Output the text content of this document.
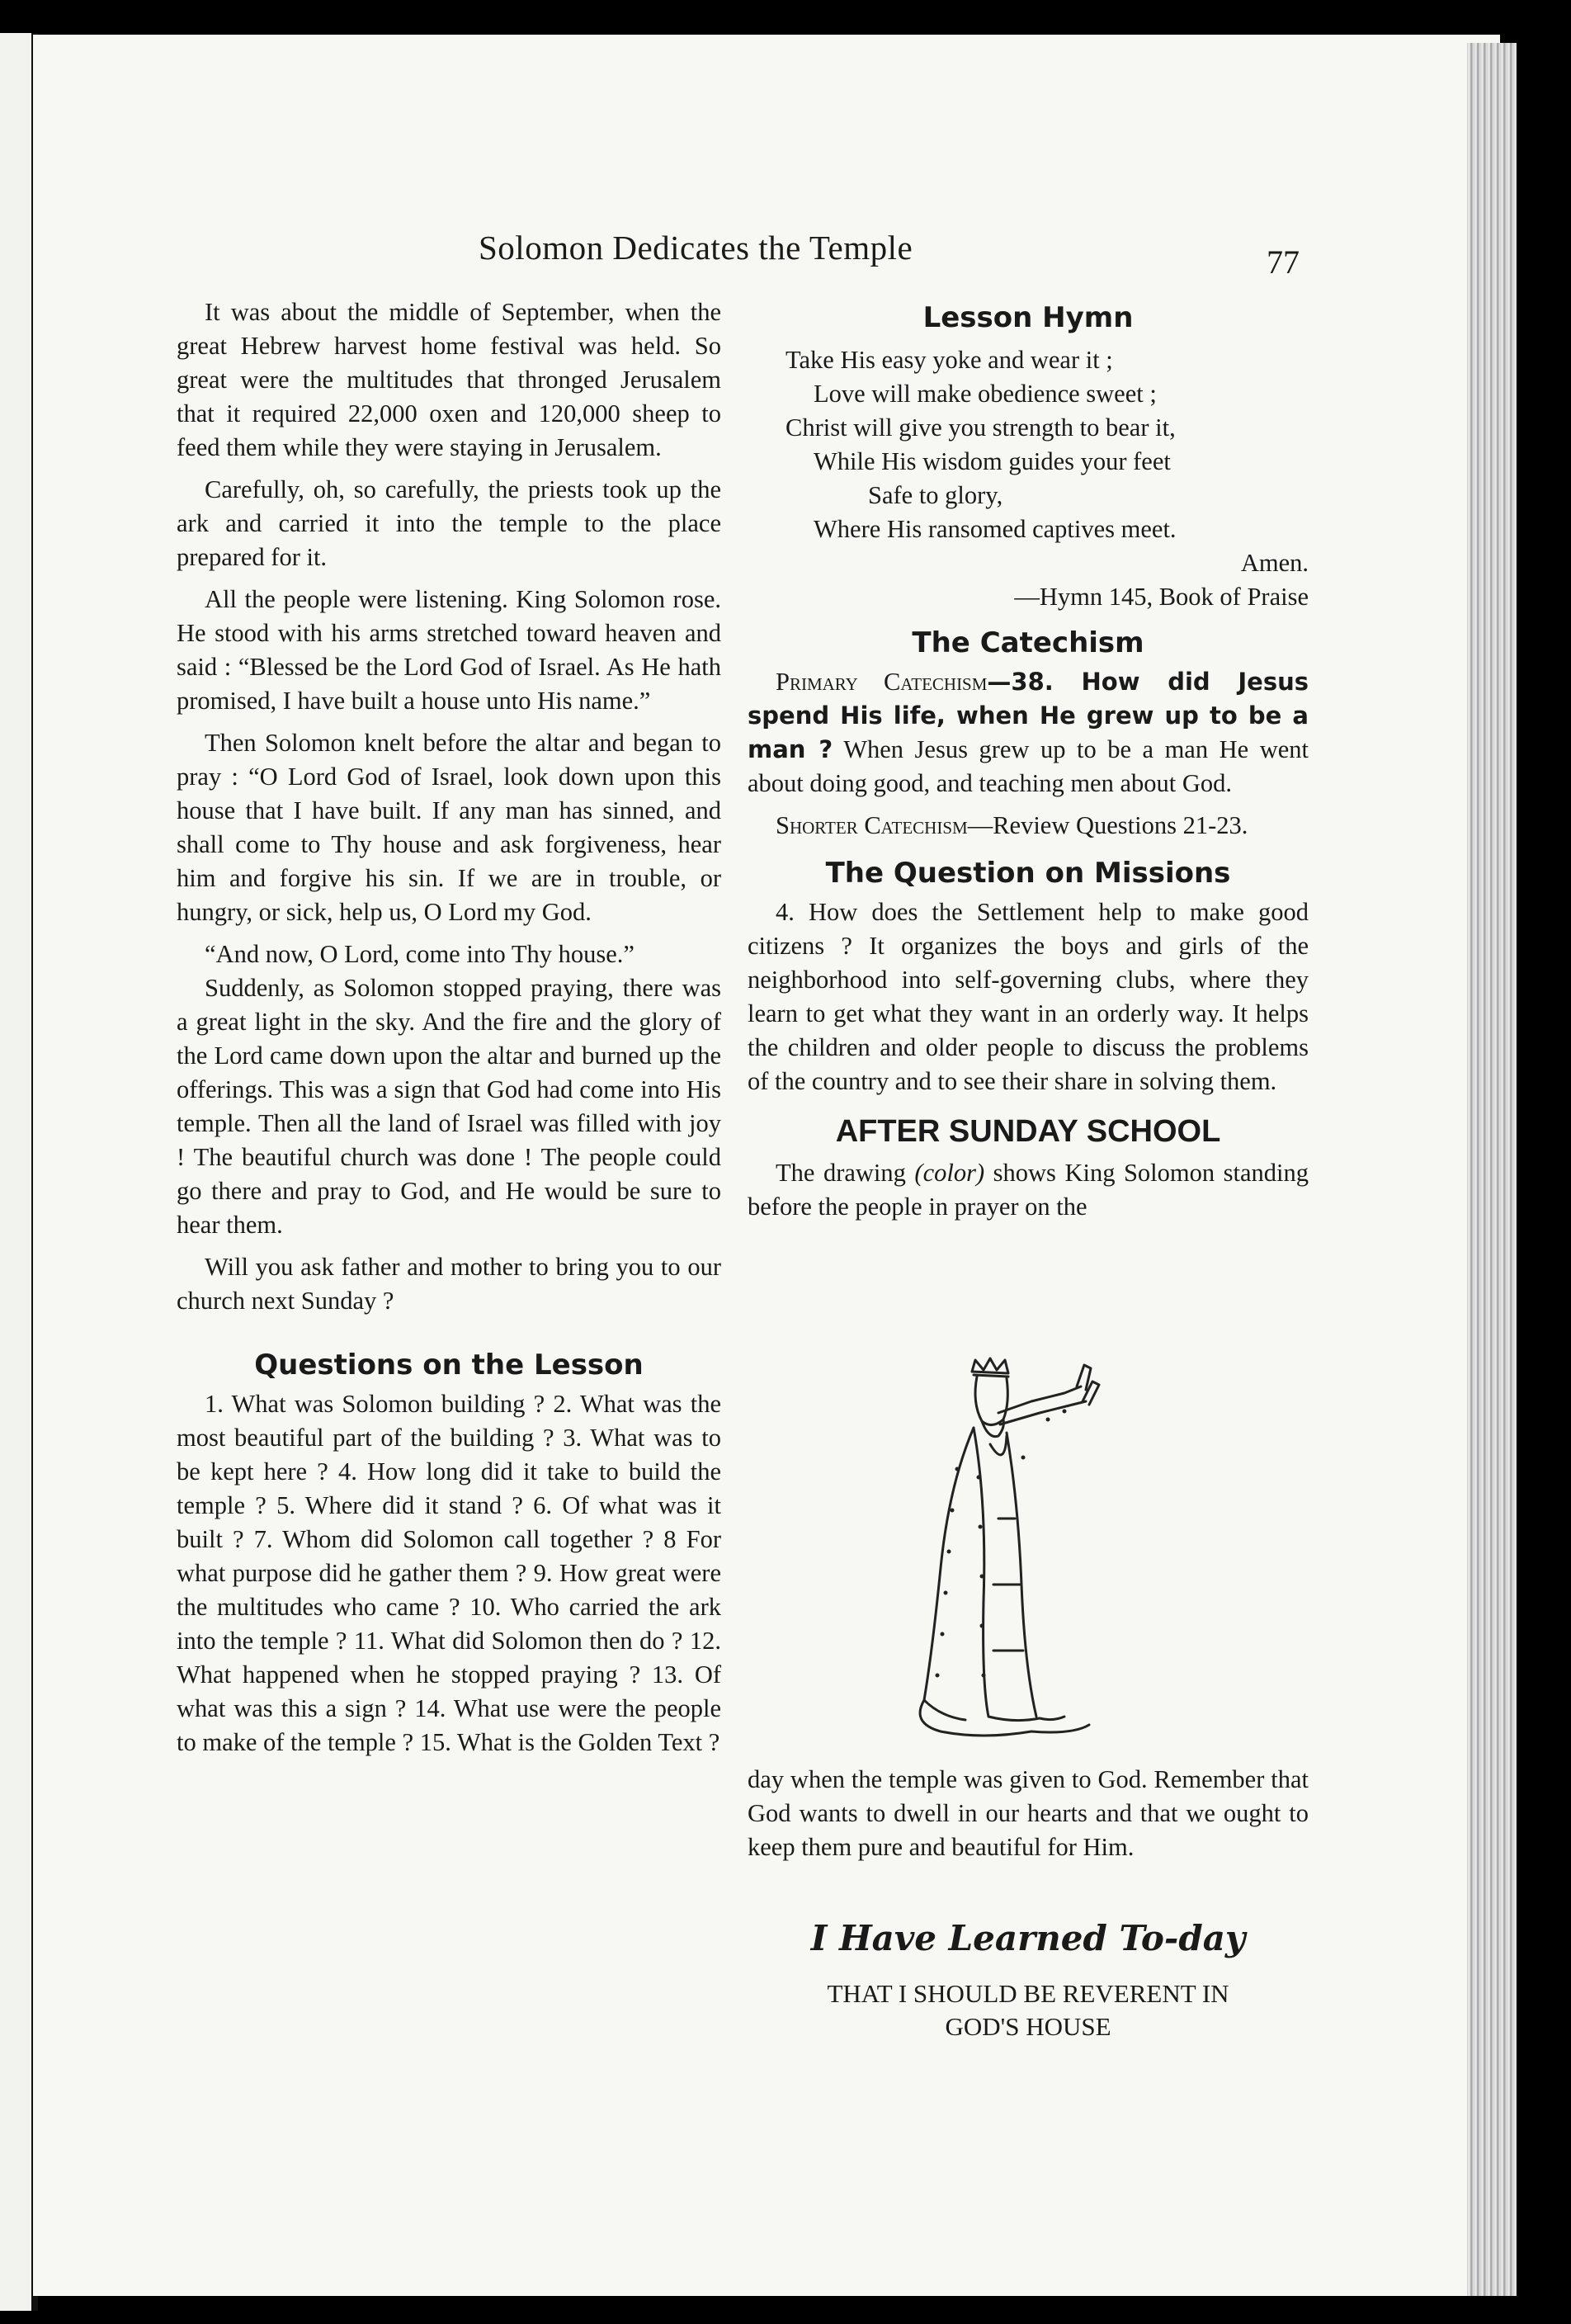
Solomon Dedicates the Temple	77

It was about the middle of September, when the great Hebrew harvest home festival was held. So great were the multitudes that thronged Jerusalem that it required 22,000 oxen and 120,000 sheep to feed them while they were staying in Jerusalem.

Carefully, oh, so carefully, the priests took up the ark and carried it into the temple to the place prepared for it.

All the people were listening. King Solomon rose. He stood with his arms stretched toward heaven and said : “Blessed be the Lord God of Israel. As He hath promised, I have built a house unto His name.”

Then Solomon knelt before the altar and began to pray : “O Lord God of Israel, look down upon this house that I have built. If any man has sinned, and shall come to Thy house and ask forgiveness, hear him and forgive his sin. If we are in trouble, or hungry, or sick, help us, O Lord my God.

“And now, O Lord, come into Thy house.”

Suddenly, as Solomon stopped praying, there was a great light in the sky. And the fire and the glory of the Lord came down upon the altar and burned up the offerings. This was a sign that God had come into His temple. Then all the land of Israel was filled with joy ! The beautiful church was done ! The people could go there and pray to God, and He would be sure to hear them.

Will you ask father and mother to bring you to our church next Sunday ?

Questions on the Lesson

1. What was Solomon building ? 2. What was the most beautiful part of the building ? 3. What was to be kept here ? 4. How long did it take to build the temple ? 5. Where did it stand ? 6. Of what was it built ? 7. Whom did Solomon call together ? 8 For what purpose did he gather them ? 9. How great were the multitudes who came ? 10. Who carried the ark into the temple ? 11. What did Solomon then do ? 12. What happened when he stopped praying ? 13. Of what was this a sign ? 14. What use were the people to make of the temple ? 15. What is the Golden Text ?

Lesson Hymn
Take His easy yoke and wear it ;
Love will make obedience sweet ;
Christ will give you strength to bear it,
While His wisdom guides your feet
Safe to glory,
Where His ransomed captives meet.
Amen.
—Hymn 145, Book of Praise
The Catechism

Primary Catechism—38. How did Jesus spend His life, when He grew up to be a man ? When Jesus grew up to be a man He went about doing good, and teaching men about God.

Shorter Catechism—Review Questions 21-23.

The Question on Missions

4. How does the Settlement help to make good citizens ? It organizes the boys and girls of the neighborhood into self-governing clubs, where they learn to get what they want in an orderly way. It helps the children and older people to discuss the problems of the country and to see their share in solving them.

AFTER SUNDAY SCHOOL

The drawing (color) shows King Solomon standing before the people in prayer on the

day when the temple was given to God. Remember that God wants to dwell in our hearts and that we ought to keep them pure and beautiful for Him.

I Have Learned To-day
THAT I SHOULD BE REVERENT IN
GOD'S HOUSE
